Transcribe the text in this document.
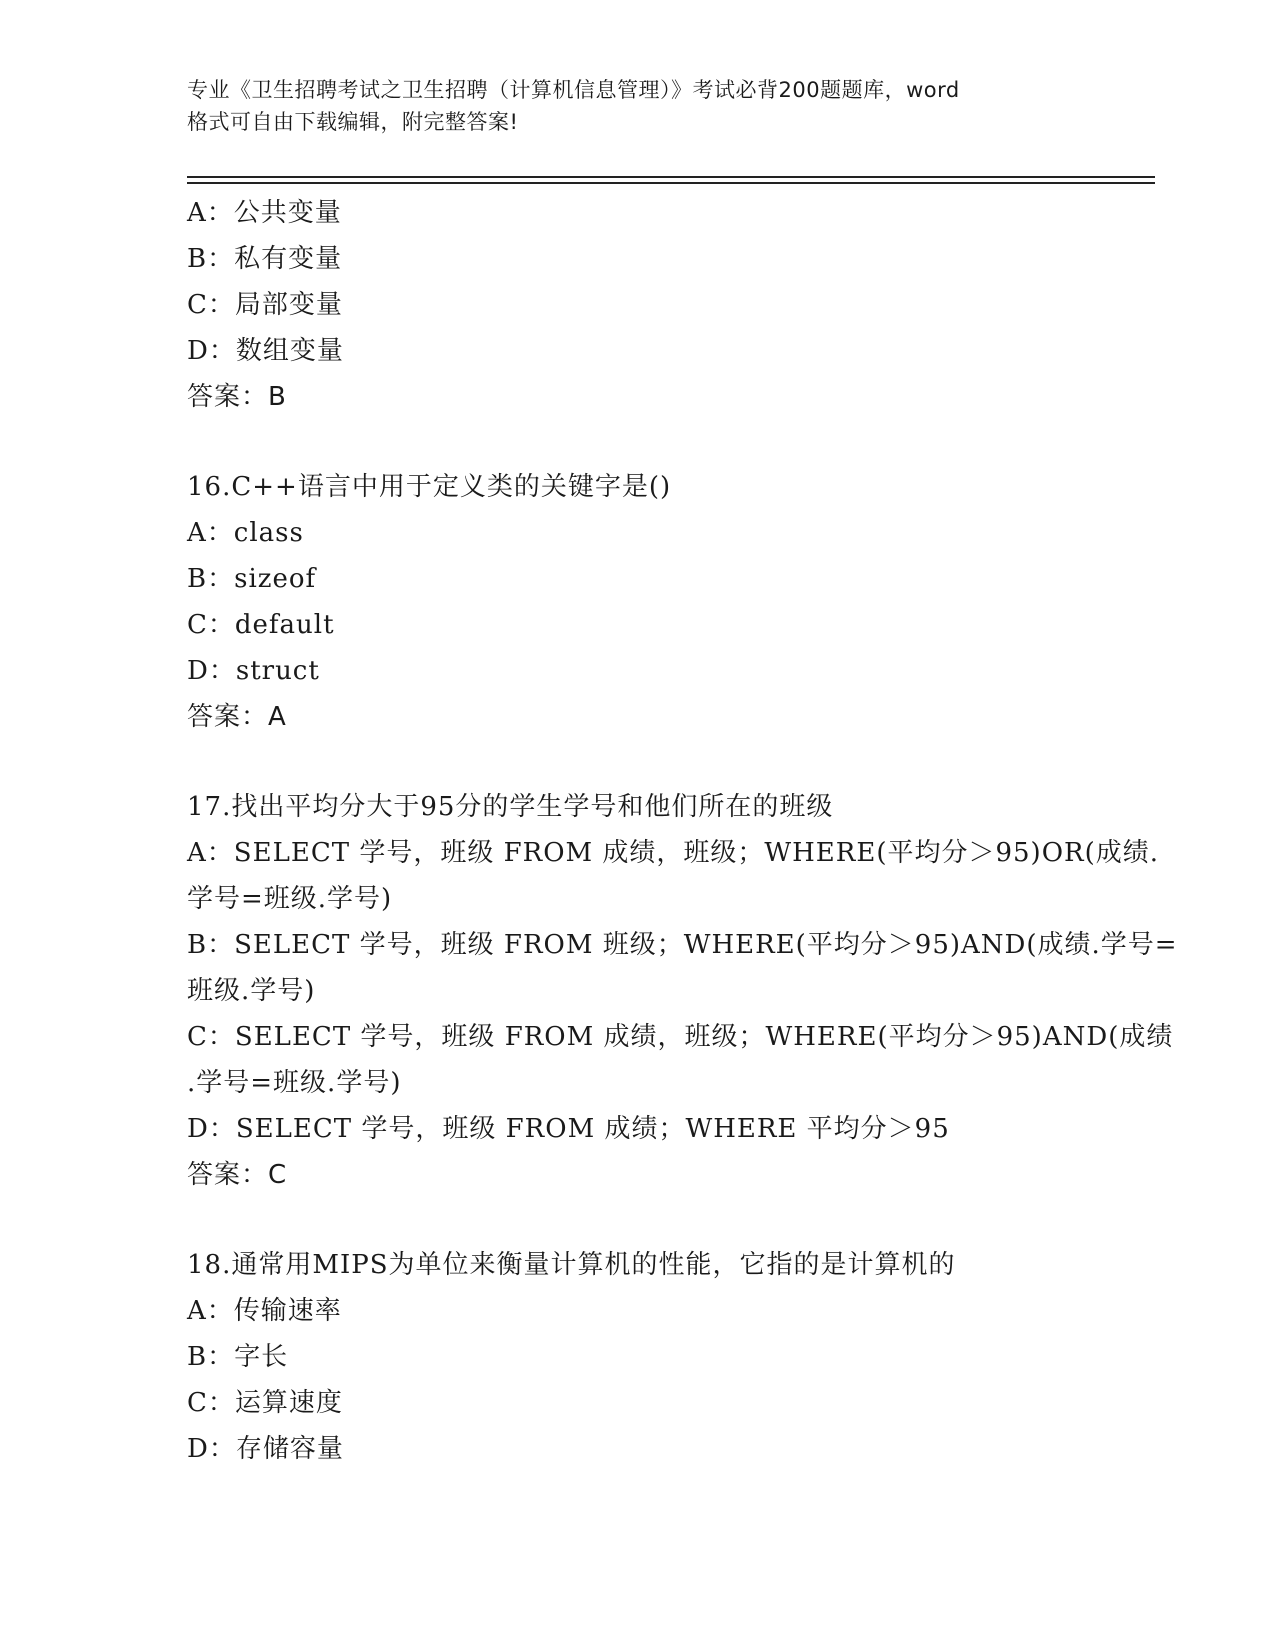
专业《卫生招聘考试之卫生招聘（计算机信息管理）》考试必背200题题库，word
格式可自由下载编辑，附完整答案!
A：公共变量
B：私有变量
C：局部变量
D：数组变量
答案：B
16.C++语言中用于定义类的关键字是()
A：class
B：sizeof
C：default
D：struct
答案：A
17.找出平均分大于95分的学生学号和他们所在的班级
A：SELECT 学号，班级 FROM 成绩，班级；WHERE(平均分＞95)OR(成绩.
学号=班级.学号)
B：SELECT 学号，班级 FROM 班级；WHERE(平均分＞95)AND(成绩.学号=
班级.学号)
C：SELECT 学号，班级 FROM 成绩，班级；WHERE(平均分＞95)AND(成绩
.学号=班级.学号)
D：SELECT 学号，班级 FROM 成绩；WHERE 平均分＞95
答案：C
18.通常用MIPS为单位来衡量计算机的性能，它指的是计算机的
A：传输速率
B：字长
C：运算速度
D：存储容量
